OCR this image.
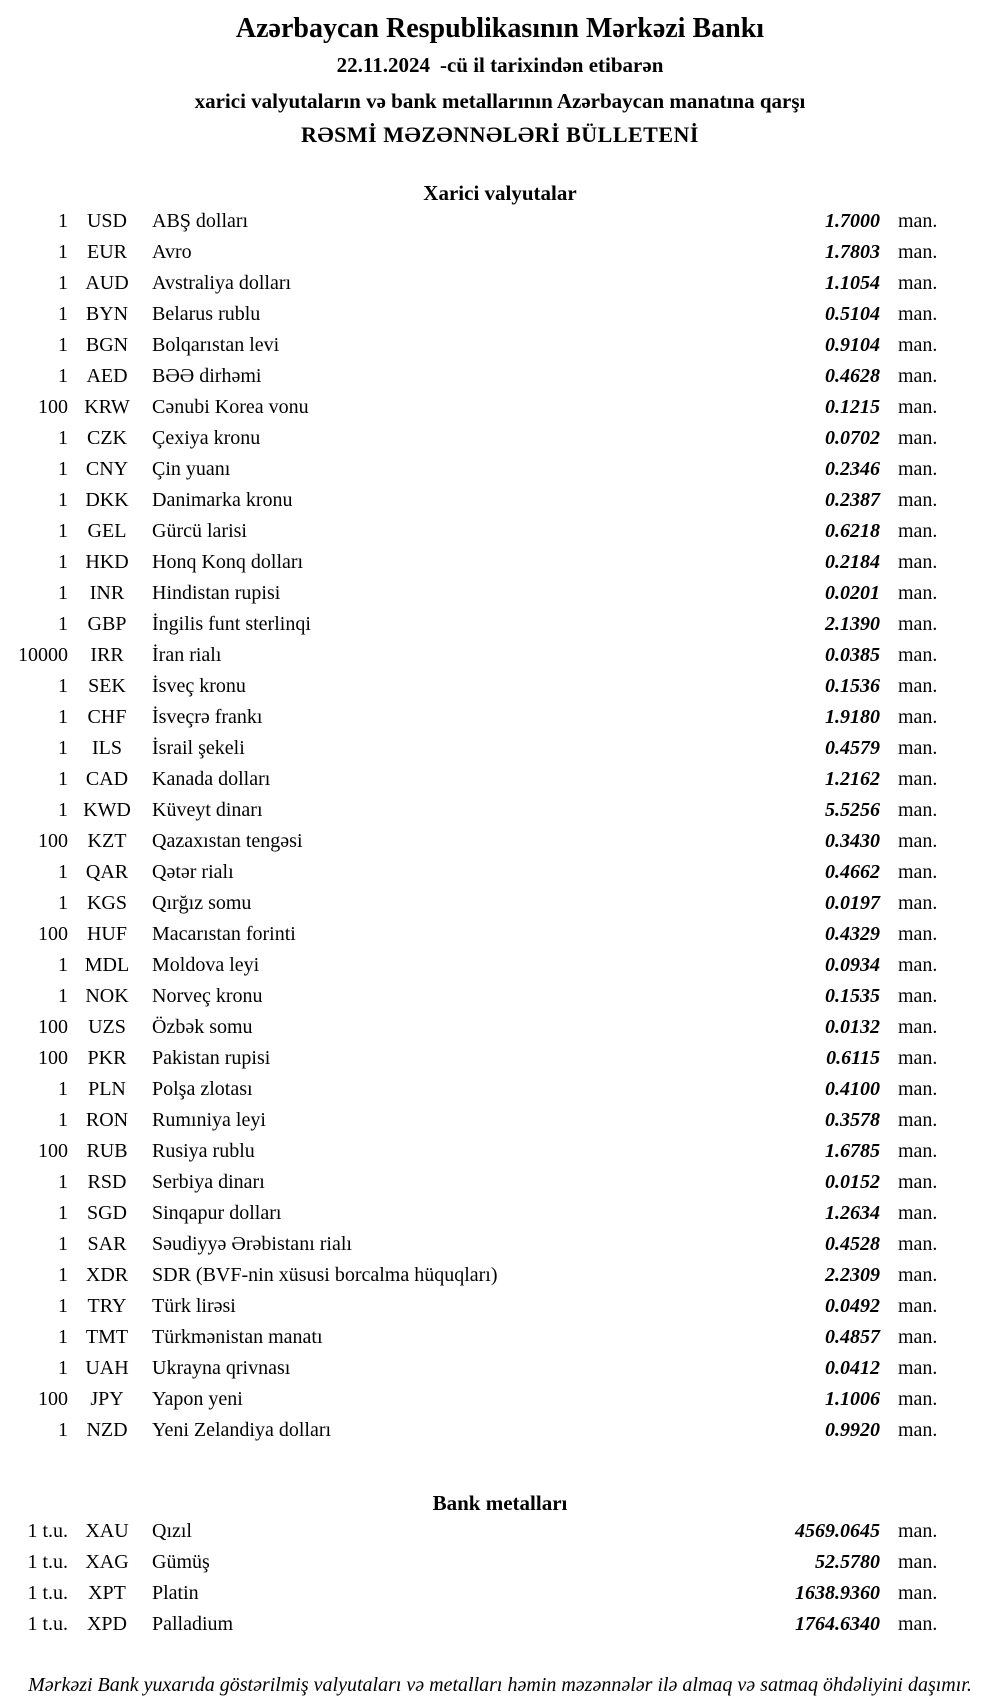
Azərbaycan Respublikasının Mərkəzi Bankı
22.11.2024 -cü il tarixindən etibarən
xarici valyutaların və bank metallarının Azərbaycan manatına qarşı
RƏSMİ MƏZƏNNƏLƏRİ BÜLLETENİ
Xarici valyutalar
1 USD	ABŞ dolları	1.7000 man.
1 EUR	Avro	1.7803 man.
1 AUD	Avstraliya dolları	1.1054 man.
1 BYN	Belarus rublu	0.5104 man.
1 BGN	Bolqarıstan levi	0.9104 man.
1 AED	BƏƏ dirhəmi	0.4628 man.
100 KRW	Cənubi Korea vonu	0.1215 man.
1 CZK	Çexiya kronu	0.0702 man.
1 CNY	Çin yuanı	0.2346 man.
1 DKK	Danimarka kronu	0.2387 man.
1 GEL	Gürcü larisi	0.6218 man.
1 HKD	Honq Konq dolları	0.2184 man.
1	INR	Hindistan rupisi	0.0201 man.
1 GBP	İngilis funt sterlinqi	2.1390 man.
10000	IRR	İran rialı	0.0385 man.
1	SEK	İsveç kronu	0.1536 man.
1 CHF	İsveçrə frankı	1.9180 man.
1	ILS	İsrail şekeli	0.4579 man.
1 CAD	Kanada dolları	1.2162 man.
1 KWD	Küveyt dinarı	5.5256 man.
100 KZT	Qazaxıstan tengəsi	0.3430 man.
1 QAR	Qətər rialı	0.4662 man.
1 KGS	Qırğız somu	0.0197 man.
100 HUF	Macarıstan forinti	0.4329 man.
1 MDL	Moldova leyi	0.0934 man.
1 NOK	Norveç kronu	0.1535 man.
100	UZS	Özbək somu	0.0132 man.
100 PKR	Pakistan rupisi	0.6115 man.
1	PLN	Polşa zlotası	0.4100 man.
1 RON	Rumıniya leyi	0.3578 man.
100 RUB	Rusiya rublu	1.6785 man.
1 RSD	Serbiya dinarı	0.0152 man.
1 SGD	Sinqapur dolları	1.2634 man.
1 SAR	Səudiyyə Ərəbistanı rialı	0.4528 man.
1 XDR	SDR (BVF-nin xüsusi borcalma hüquqları)	2.2309 man.
1 TRY	Türk lirəsi	0.0492 man.
1 TMT	Türkmənistan manatı	0.4857 man.
1 UAH	Ukrayna qrivnası	0.0412 man.
100	JPY	Yapon yeni	1.1006 man.
1 NZD	Yeni Zelandiya dolları	0.9920 man.
Bank metalları
1 t.u. XAU	Qızıl	4569.0645 man.
1 t.u. XAG	Gümüş	52.5780 man.
1 t.u.	XPT	Platin	1638.9360 man.
1 t.u. XPD	Palladium	1764.6340 man.
Mərkəzi Bank yuxarıda göstərilmiş valyutaları və metalları həmin məzənnələr ilə almaq və satmaq öhdəliyini daşımır.
